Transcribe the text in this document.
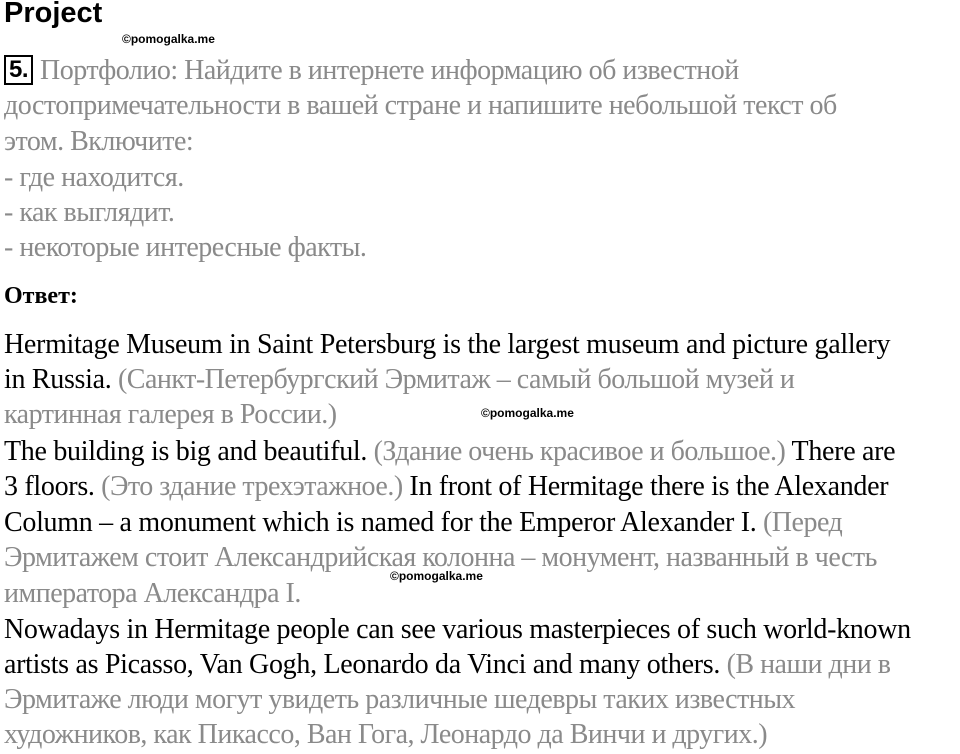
Project
©pomogalka.me
5. Портфолио: Найдите в интернете информацию об известной
достопримечательности в вашей стране и напишите небольшой текст об
этом. Включите:
- где находится.
- как выглядит.
- некоторые интересные факты.
Ответ:
Hermitage Museum in Saint Petersburg is the largest museum and picture gallery
in Russia. (Санкт-Петербургский Эрмитаж – самый большой музей и
картинная галерея в России.)	©pomogalka.me
The building is big and beautiful. (Здание очень красивое и большое.) There are
3 floors. (Это здание трехэтажное.) In front of Hermitage there is the Alexander
Column – a monument which is named for the Emperor Alexander I. (Перед
Эрмитажем стоит Александрийская колонна – монумент, названный в честь
©pomogalka.me
императора Александра I.
Nowadays in Hermitage people can see various masterpieces of such world-known
artists as Picasso, Van Gogh, Leonardo da Vinci and many others. (В наши дни в
Эрмитаже люди могут увидеть различные шедевры таких известных
художников, как Пикассо, Ван Гога, Леонардо да Винчи и других.)
